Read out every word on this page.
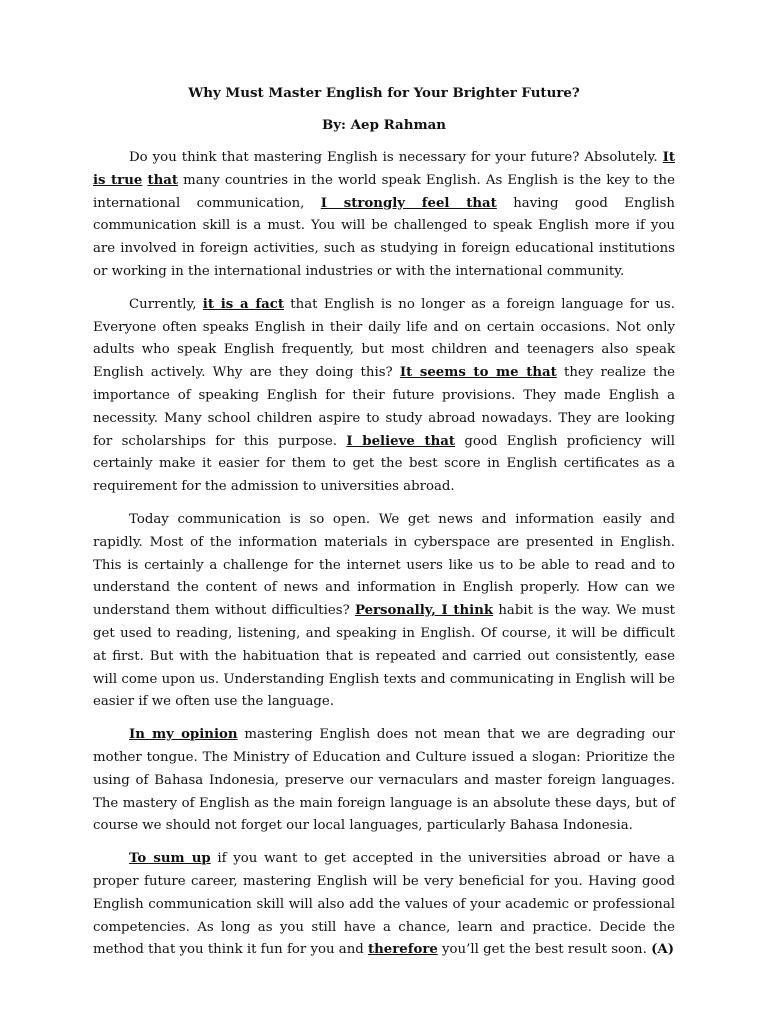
Why Must Master English for Your Brighter Future?
By: Aep Rahman

Do you think that mastering English is necessary for your future? Absolutely. It is true that many countries in the world speak English. As English is the key to the international communication, I strongly feel that having good English communication skill is a must. You will be challenged to speak English more if you are involved in foreign activities, such as studying in foreign educational institutions or working in the international industries or with the international community.

Currently, it is a fact that English is no longer as a foreign language for us. Everyone often speaks English in their daily life and on certain occasions. Not only adults who speak English frequently, but most children and teenagers also speak English actively. Why are they doing this? It seems to me that they realize the importance of speaking English for their future provisions. They made English a necessity. Many school children aspire to study abroad nowadays. They are looking for scholarships for this purpose. I believe that good English proficiency will certainly make it easier for them to get the best score in English certificates as a requirement for the admission to universities abroad.

Today communication is so open. We get news and information easily and rapidly. Most of the information materials in cyberspace are presented in English. This is certainly a challenge for the internet users like us to be able to read and to understand the content of news and information in English properly. How can we understand them without difficulties? Personally, I think habit is the way. We must get used to reading, listening, and speaking in English. Of course, it will be difficult at first. But with the habituation that is repeated and carried out consistently, ease will come upon us. Understanding English texts and communicating in English will be easier if we often use the language.

In my opinion mastering English does not mean that we are degrading our mother tongue. The Ministry of Education and Culture issued a slogan: Prioritize the using of Bahasa Indonesia, preserve our vernaculars and master foreign languages. The mastery of English as the main foreign language is an absolute these days, but of course we should not forget our local languages, particularly Bahasa Indonesia.

To sum up if you want to get accepted in the universities abroad or have a proper future career, mastering English will be very beneficial for you. Having good English communication skill will also add the values of your academic or professional competencies. As long as you still have a chance, learn and practice. Decide the method that you think it fun for you and therefore you’ll get the best result soon. (A)
